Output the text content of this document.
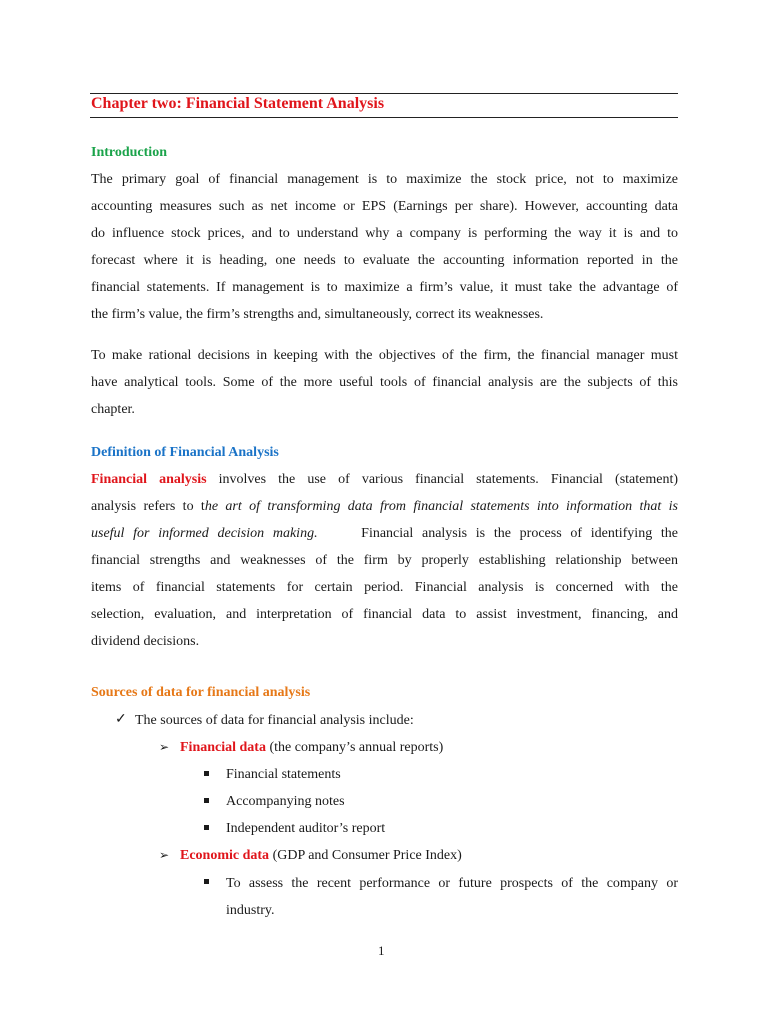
Chapter two: Financial Statement Analysis
Introduction
The primary goal of financial management is to maximize the stock price, not to maximize
accounting measures such as net income or EPS (Earnings per share). However, accounting data
do influence stock prices, and to understand why a company is performing the way it is and to
forecast where it is heading, one needs to evaluate the accounting information reported in the
financial statements. If management is to maximize a firm’s value, it must take the advantage of
the firm’s value, the firm’s strengths and, simultaneously, correct its weaknesses.
To make rational decisions in keeping with the objectives of the firm, the financial manager must
have analytical tools. Some of the more useful tools of financial analysis are the subjects of this
chapter.
Definition of Financial Analysis
Financial analysis involves the use of various financial statements. Financial (statement)
analysis refers to the art of transforming data from financial statements into information that is
useful for informed decision making.     Financial analysis is the process of identifying the
financial strengths and weaknesses of the firm by properly establishing relationship between
items of financial statements for certain period. Financial analysis is concerned with the
selection, evaluation, and interpretation of financial data to assist investment, financing, and
dividend decisions.
Sources of data for financial analysis
✓ The sources of data for financial analysis include:
➢ Financial data (the company’s annual reports)
Financial statements
Accompanying notes
Independent auditor’s report
➢ Economic data (GDP and Consumer Price Index)
To assess the recent performance or future prospects of the company or
industry.
1
